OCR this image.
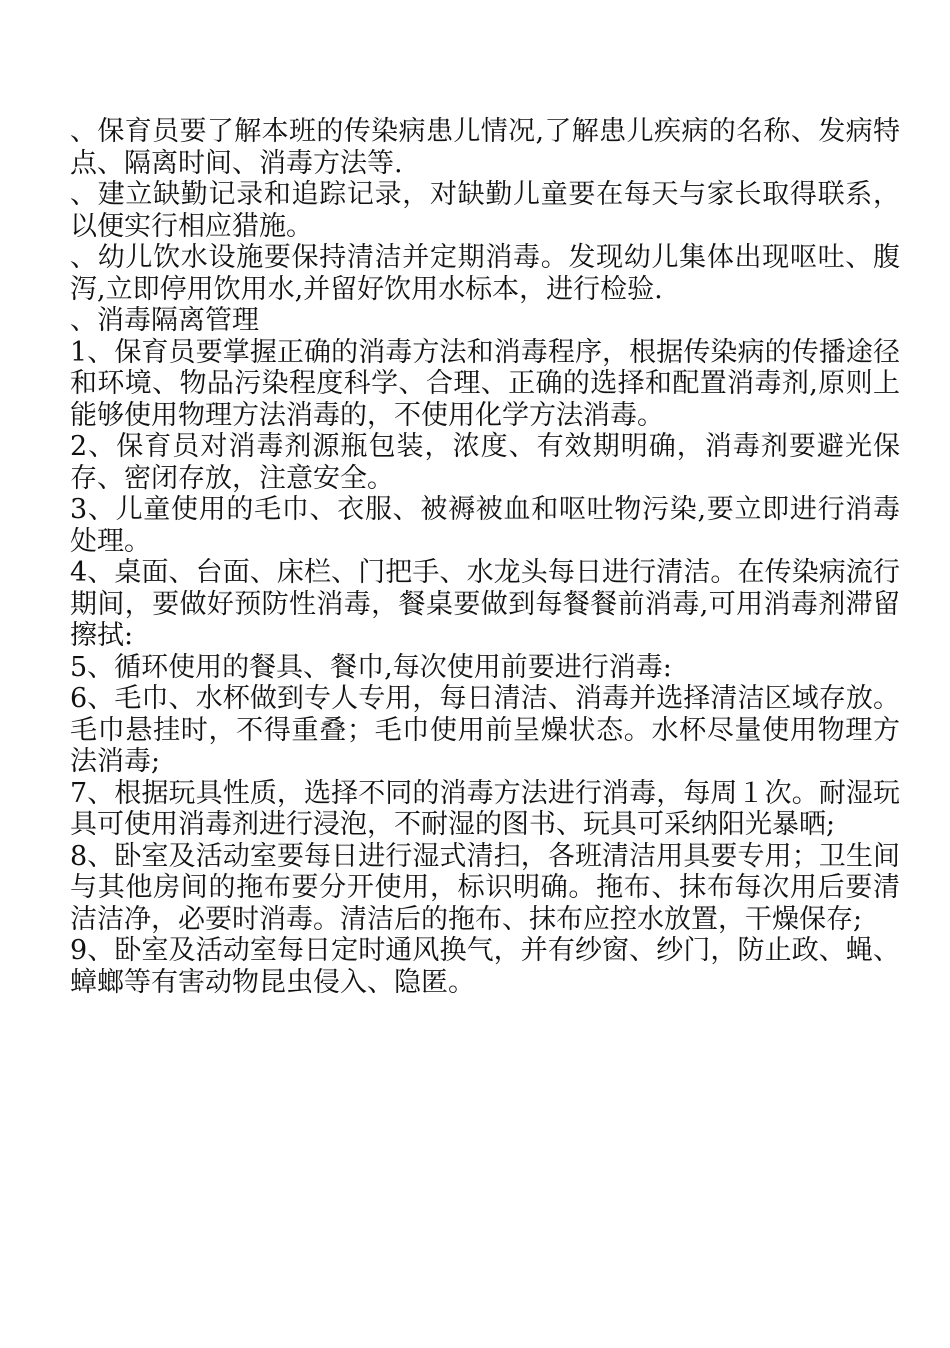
、保育员要了解本班的传染病患儿情况,了解患儿疾病的名称、发病特点、隔离时间、消毒方法等.

、建立缺勤记录和追踪记录，对缺勤儿童要在每天与家长取得联系，以便实行相应猎施。

、幼儿饮水设施要保持清洁并定期消毒。发现幼儿集体出现呕吐、腹泻,立即停用饮用水,并留好饮用水标本，进行检验.

、消毒隔离管理

1、保育员要掌握正确的消毒方法和消毒程序，根据传染病的传播途径和环境、物品污染程度科学、合理、正确的选择和配置消毒剂,原则上能够使用物理方法消毒的，不使用化学方法消毒。

2、保育员对消毒剂源瓶包装，浓度、有效期明确，消毒剂要避光保存、密闭存放，注意安全。

3、儿童使用的毛巾、衣服、被褥被血和呕吐物污染,要立即进行消毒处理。

4、桌面、台面、床栏、门把手、水龙头每日进行清洁。在传染病流行期间，要做好预防性消毒，餐桌要做到每餐餐前消毒,可用消毒剂滞留擦拭:

5、循环使用的餐具、餐巾,每次使用前要进行消毒:

6、毛巾、水杯做到专人专用，每日清洁、消毒并选择清洁区域存放。毛巾悬挂时，不得重叠；毛巾使用前呈燥状态。水杯尽量使用物理方法消毒;

7、根据玩具性质，选择不同的消毒方法进行消毒，每周１次。耐湿玩具可使用消毒剂进行浸泡，不耐湿的图书、玩具可采纳阳光暴晒;

8、卧室及活动室要每日进行湿式清扫，各班清洁用具要专用；卫生间与其他房间的拖布要分开使用，标识明确。拖布、抹布每次用后要清洁洁净，必要时消毒。清洁后的拖布、抹布应控水放置，干燥保存;

9、卧室及活动室每日定时通风换气，并有纱窗、纱门，防止政、蝇、蟑螂等有害动物昆虫侵入、隐匿。
